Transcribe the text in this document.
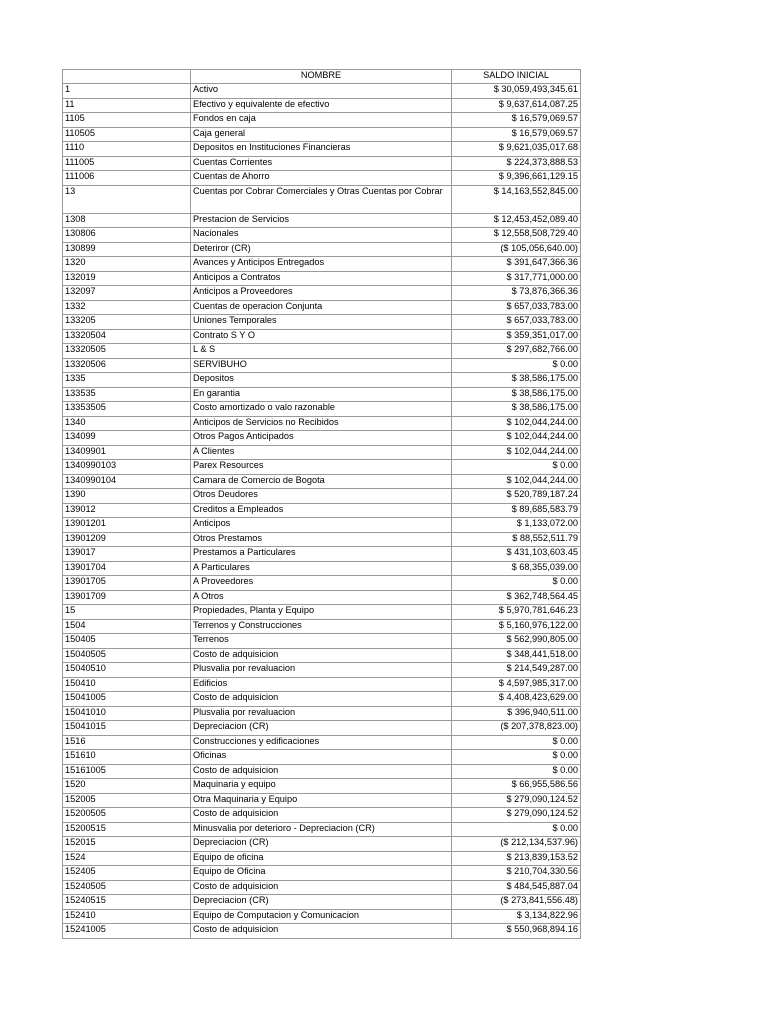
	NOMBRE	SALDO INICIAL
1	Activo	$ 30,059,493,345.61
11	Efectivo y equivalente de efectivo	$ 9,637,614,087.25
1105	Fondos en caja	$ 16,579,069.57
110505	Caja general	$ 16,579,069.57
1110	Depositos en Instituciones Financieras	$ 9,621,035,017.68
111005	Cuentas Corrientes	$ 224,373,888.53
111006	Cuentas de Ahorro	$ 9,396,661,129.15
13	Cuentas por Cobrar Comerciales y Otras Cuentas por Cobrar	$ 14,163,552,845.00
1308	Prestacion de Servicios	$ 12,453,452,089.40
130806	Nacionales	$ 12,558,508,729.40
130899	Deteriror (CR)	($ 105,056,640.00)
1320	Avances y Anticipos Entregados	$ 391,647,366.36
132019	Anticipos a Contratos	$ 317,771,000.00
132097	Anticipos a Proveedores	$ 73,876,366.36
1332	Cuentas de operacion Conjunta	$ 657,033,783.00
133205	Uniones Temporales	$ 657,033,783.00
13320504	Contrato S Y O	$ 359,351,017.00
13320505	L & S	$ 297,682,766.00
13320506	SERVIBUHO	$ 0.00
1335	Depositos	$ 38,586,175.00
133535	En garantia	$ 38,586,175.00
13353505	Costo amortizado o valo razonable	$ 38,586,175.00
1340	Anticipos de Servicios no Recibidos	$ 102,044,244.00
134099	Otros Pagos Anticipados	$ 102,044,244.00
13409901	A Clientes	$ 102,044,244.00
1340990103	Parex Resources	$ 0.00
1340990104	Camara de Comercio de Bogota	$ 102,044,244.00
1390	Otros Deudores	$ 520,789,187.24
139012	Creditos a Empleados	$ 89,685,583.79
13901201	Anticipos	$ 1,133,072.00
13901209	Otros Prestamos	$ 88,552,511.79
139017	Prestamos a Particulares	$ 431,103,603.45
13901704	A Particulares	$ 68,355,039.00
13901705	A Proveedores	$ 0.00
13901709	A Otros	$ 362,748,564.45
15	Propiedades, Planta y Equipo	$ 5,970,781,646.23
1504	Terrenos y Construcciones	$ 5,160,976,122.00
150405	Terrenos	$ 562,990,805.00
15040505	Costo de adquisicion	$ 348,441,518.00
15040510	Plusvalia por revaluacion	$ 214,549,287.00
150410	Edificios	$ 4,597,985,317.00
15041005	Costo de adquisicion	$ 4,408,423,629.00
15041010	Plusvalia por revaluacion	$ 396,940,511.00
15041015	Depreciacion (CR)	($ 207,378,823.00)
1516	Construcciones y edificaciones	$ 0.00
151610	Oficinas	$ 0.00
15161005	Costo de adquisicion	$ 0.00
1520	Maquinaria y equipo	$ 66,955,586.56
152005	Otra Maquinaria y Equipo	$ 279,090,124.52
15200505	Costo de adquisicion	$ 279,090,124.52
15200515	Minusvalia por deterioro - Depreciacion (CR)	$ 0.00
152015	Depreciacion (CR)	($ 212,134,537.96)
1524	Equipo de oficina	$ 213,839,153.52
152405	Equipo de Oficina	$ 210,704,330.56
15240505	Costo de adquisicion	$ 484,545,887.04
15240515	Depreciacion (CR)	($ 273,841,556.48)
152410	Equipo de Computacion y Comunicacion	$ 3,134,822.96
15241005	Costo de adquisicion	$ 550,968,894.16
